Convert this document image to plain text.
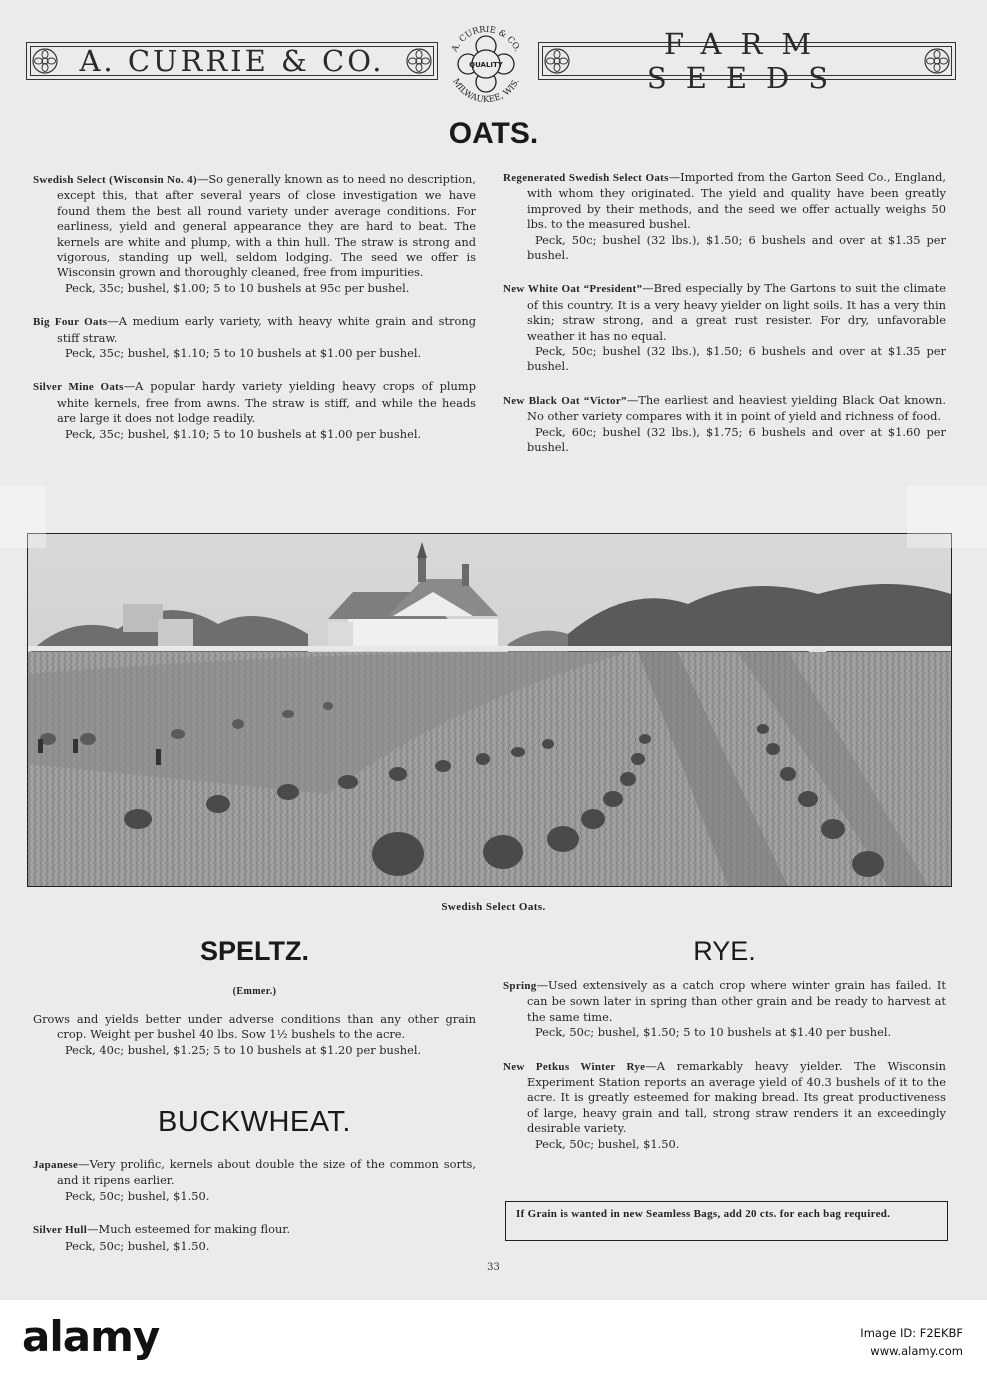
A. CURRIE & CO.	A. CURRIE & CO.
MILWAUKEE, WIS.
QUALITY
FARM SEEDS
OATS.

Swedish Select (Wisconsin No. 4)—So generally known as to need no description, except this, that after several years of close investigation we have found them the best all round variety under average conditions. For earliness, yield and general appearance they are hard to beat. The kernels are white and plump, with a thin hull. The straw is strong and vigorous, standing up well, seldom lodging. The seed we offer is Wisconsin grown and thoroughly cleaned, free from impurities.

Peck, 35c; bushel, $1.00; 5 to 10 bushels at 95c per bushel.

Big Four Oats—A medium early variety, with heavy white grain and strong stiff straw.

Peck, 35c; bushel, $1.10; 5 to 10 bushels at $1.00 per bushel.

Silver Mine Oats—A popular hardy variety yielding heavy crops of plump white kernels, free from awns. The straw is stiff, and while the heads are large it does not lodge readily.

Peck, 35c; bushel, $1.10; 5 to 10 bushels at $1.00 per bushel.

Regenerated Swedish Select Oats—Imported from the Garton Seed Co., England, with whom they originated. The yield and quality have been greatly improved by their methods, and the seed we offer actually weighs 50 lbs. to the measured bushel.

Peck, 50c; bushel (32 lbs.), $1.50; 6 bushels and over at $1.35 per bushel.

New White Oat “President”—Bred especially by The Gartons to suit the climate of this country. It is a very heavy yielder on light soils. It has a very thin skin; straw strong, and a great rust resister. For dry, unfavorable weather it has no equal.

Peck, 50c; bushel (32 lbs.), $1.50; 6 bushels and over at $1.35 per bushel.

New Black Oat “Victor”—The earliest and heaviest yielding Black Oat known. No other variety compares with it in point of yield and richness of food.

Peck, 60c; bushel (32 lbs.), $1.75; 6 bushels and over at $1.60 per bushel.

Swedish Select Oats.
SPELTZ.
(Emmer.)

Grows and yields better under adverse conditions than any other grain crop. Weight per bushel 40 lbs. Sow 1½ bushels to the acre.

Peck, 40c; bushel, $1.25; 5 to 10 bushels at $1.20 per bushel.

BUCKWHEAT.

Japanese—Very prolific, kernels about double the size of the common sorts, and it ripens earlier.

Peck, 50c; bushel, $1.50.

Silver Hull—Much esteemed for making flour.

Peck, 50c; bushel, $1.50.

RYE.

Spring—Used extensively as a catch crop where winter grain has failed. It can be sown later in spring than other grain and be ready to harvest at the same time.

Peck, 50c; bushel, $1.50; 5 to 10 bushels at $1.40 per bushel.

New Petkus Winter Rye—A remarkably heavy yielder. The Wisconsin Experiment Station reports an average yield of 40.3 bushels of it to the acre. It is greatly esteemed for making bread. Its great productiveness of large, heavy grain and tall, strong straw renders it an exceedingly desirable variety.

Peck, 50c; bushel, $1.50.

If Grain is wanted in new Seamless Bags, add 20 cts. for each bag required.
33
alamy	Image ID: F2EKBF
www.alamy.com
